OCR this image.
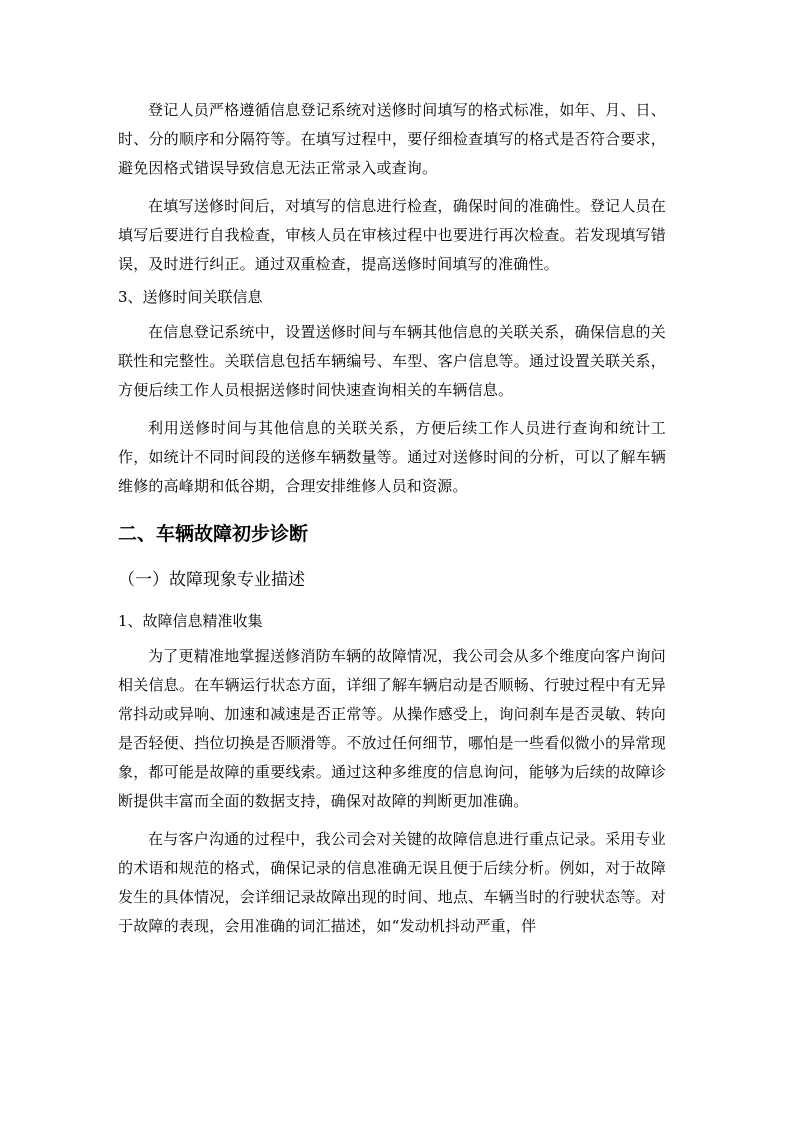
登记人员严格遵循信息登记系统对送修时间填写的格式标准，如年、月、日、时、分的顺序和分隔符等。在填写过程中，要仔细检查填写的格式是否符合要求，避免因格式错误导致信息无法正常录入或查询。

在填写送修时间后，对填写的信息进行检查，确保时间的准确性。登记人员在填写后要进行自我检查，审核人员在审核过程中也要进行再次检查。若发现填写错误，及时进行纠正。通过双重检查，提高送修时间填写的准确性。

3、送修时间关联信息

在信息登记系统中，设置送修时间与车辆其他信息的关联关系，确保信息的关联性和完整性。关联信息包括车辆编号、车型、客户信息等。通过设置关联关系，方便后续工作人员根据送修时间快速查询相关的车辆信息。

利用送修时间与其他信息的关联关系，方便后续工作人员进行查询和统计工作，如统计不同时间段的送修车辆数量等。通过对送修时间的分析，可以了解车辆维修的高峰期和低谷期，合理安排维修人员和资源。

二、车辆故障初步诊断
（一）故障现象专业描述
1、故障信息精准收集

为了更精准地掌握送修消防车辆的故障情况，我公司会从多个维度向客户询问相关信息。在车辆运行状态方面，详细了解车辆启动是否顺畅、行驶过程中有无异常抖动或异响、加速和减速是否正常等。从操作感受上，询问刹车是否灵敏、转向是否轻便、挡位切换是否顺滑等。不放过任何细节，哪怕是一些看似微小的异常现象，都可能是故障的重要线索。通过这种多维度的信息询问，能够为后续的故障诊断提供丰富而全面的数据支持，确保对故障的判断更加准确。

在与客户沟通的过程中，我公司会对关键的故障信息进行重点记录。采用专业的术语和规范的格式，确保记录的信息准确无误且便于后续分析。例如，对于故障发生的具体情况，会详细记录故障出现的时间、地点、车辆当时的行驶状态等。对于故障的表现，会用准确的词汇描述，如“发动机抖动严重，伴
